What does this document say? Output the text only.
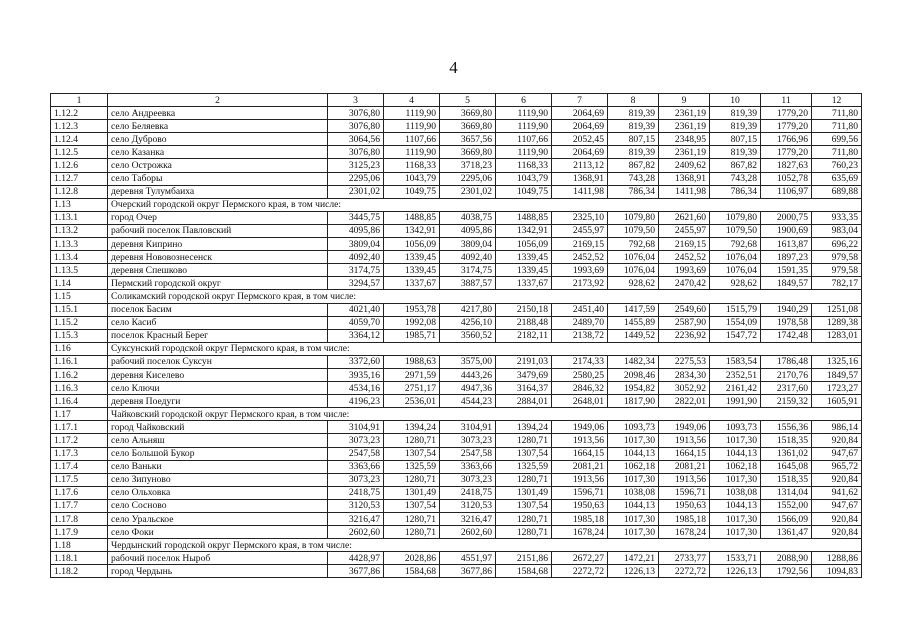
4
1	2	3	4	5	6	7	8	9	10	11	12
1.12.2	село Андреевка	3076,80	1119,90	3669,80	1119,90	2064,69	819,39	2361,19	819,39	1779,20	711,80
1.12.3	село Беляевка	3076,80	1119,90	3669,80	1119,90	2064,69	819,39	2361,19	819,39	1779,20	711,80
1.12.4	село Дуброво	3064,56	1107,66	3657,56	1107,66	2052,45	807,15	2348,95	807,15	1766,96	699,56
1.12.5	село Казанка	3076,80	1119,90	3669,80	1119,90	2064,69	819,39	2361,19	819,39	1779,20	711,80
1.12.6	село Острожка	3125,23	1168,33	3718,23	1168,33	2113,12	867,82	2409,62	867,82	1827,63	760,23
1.12.7	село Таборы	2295,06	1043,79	2295,06	1043,79	1368,91	743,28	1368,91	743,28	1052,78	635,69
1.12.8	деревня Тулумбаиха	2301,02	1049,75	2301,02	1049,75	1411,98	786,34	1411,98	786,34	1106,97	689,88
1.13	Очерский городской округ Пермского края, в том числе:										
1.13.1	город Очер	3445,75	1488,85	4038,75	1488,85	2325,10	1079,80	2621,60	1079,80	2000,75	933,35
1.13.2	рабочий поселок Павловский	4095,86	1342,91	4095,86	1342,91	2455,97	1079,50	2455,97	1079,50	1900,69	983,04
1.13.3	деревня Киприно	3809,04	1056,09	3809,04	1056,09	2169,15	792,68	2169,15	792,68	1613,87	696,22
1.13.4	деревня Нововознесенск	4092,40	1339,45	4092,40	1339,45	2452,52	1076,04	2452,52	1076,04	1897,23	979,58
1.13.5	деревня Спешково	3174,75	1339,45	3174,75	1339,45	1993,69	1076,04	1993,69	1076,04	1591,35	979,58
1.14	Пермский городской округ	3294,57	1337,67	3887,57	1337,67	2173,92	928,62	2470,42	928,62	1849,57	782,17
1.15	Соликамский городской округ Пермского края, в том числе:										
1.15.1	поселок Басим	4021,40	1953,78	4217,80	2150,18	2451,40	1417,59	2549,60	1515,79	1940,29	1251,08
1.15.2	село Касиб	4059,70	1992,08	4256,10	2188,48	2489,70	1455,89	2587,90	1554,09	1978,58	1289,38
1.15.3	поселок Красный Берег	3364,12	1985,71	3560,52	2182,11	2138,72	1449,52	2236,92	1547,72	1742,48	1283,01
1.16	Суксунский городской округ Пермского края, в том числе:										
1.16.1	рабочий поселок Суксун	3372,60	1988,63	3575,00	2191,03	2174,33	1482,34	2275,53	1583,54	1786,48	1325,16
1.16.2	деревня Киселево	3935,16	2971,59	4443,26	3479,69	2580,25	2098,46	2834,30	2352,51	2170,76	1849,57
1.16.3	село Ключи	4534,16	2751,17	4947,36	3164,37	2846,32	1954,82	3052,92	2161,42	2317,60	1723,27
1.16.4	деревня Поедуги	4196,23	2536,01	4544,23	2884,01	2648,01	1817,90	2822,01	1991,90	2159,32	1605,91
1.17	Чайковский городской округ Пермского края, в том числе:										
1.17.1	город Чайковский	3104,91	1394,24	3104,91	1394,24	1949,06	1093,73	1949,06	1093,73	1556,36	986,14
1.17.2	село Альняш	3073,23	1280,71	3073,23	1280,71	1913,56	1017,30	1913,56	1017,30	1518,35	920,84
1.17.3	село Большой Букор	2547,58	1307,54	2547,58	1307,54	1664,15	1044,13	1664,15	1044,13	1361,02	947,67
1.17.4	село Ваньки	3363,66	1325,59	3363,66	1325,59	2081,21	1062,18	2081,21	1062,18	1645,08	965,72
1.17.5	село Зипуново	3073,23	1280,71	3073,23	1280,71	1913,56	1017,30	1913,56	1017,30	1518,35	920,84
1.17.6	село Ольховка	2418,75	1301,49	2418,75	1301,49	1596,71	1038,08	1596,71	1038,08	1314,04	941,62
1.17.7	село Сосново	3120,53	1307,54	3120,53	1307,54	1950,63	1044,13	1950,63	1044,13	1552,00	947,67
1.17.8	село Уральское	3216,47	1280,71	3216,47	1280,71	1985,18	1017,30	1985,18	1017,30	1566,09	920,84
1.17.9	село Фоки	2602,60	1280,71	2602,60	1280,71	1678,24	1017,30	1678,24	1017,30	1361,47	920,84
1.18	Чердынский городской округ Пермского края, в том числе:										
1.18.1	рабочий поселок Ныроб	4428,97	2028,86	4551,97	2151,86	2672,27	1472,21	2733,77	1533,71	2088,90	1288,86
1.18.2	город Чердынь	3677,86	1584,68	3677,86	1584,68	2272,72	1226,13	2272,72	1226,13	1792,56	1094,83
